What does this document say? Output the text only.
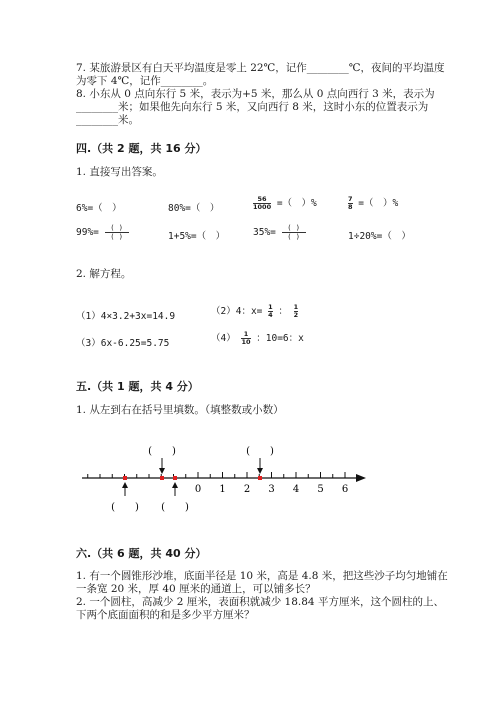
7. 某旅游景区有白天平均温度是零上 22℃，记作________℃，夜间的平均温度
为零下 4℃，记作________。
8. 小东从 0 点向东行 5 米，表示为+5 米，那么从 0 点向西行 3 米，表示为
________米；如果他先向东行 5 米，又向西行 8 米，这时小东的位置表示为
________米。
四.（共 2 题，共 16 分）
1. 直接写出答案。
6%=（　）	80%=（　）	$\frac{56}{1000}$ =（　）%	$\frac{7}{8}$ =（　）%
$99\%= \frac{( )}{( )}$	1+5%=（　）	$35\%= \frac{( )}{( )}$	1÷20%=（　）
2. 解方程。
（1）4×3.2+3x=14.9	（2）4：$x= \frac{1}{4}$ ： $\frac{1}{2}$
（3）6x-6.25=5.75	$(4) \frac{1}{10}$ ：10=6：x
五.（共 1 题，共 4 分）
1. 从左到右在括号里填数。（填整数或小数）
0 1 2 3 4 5 6
(　　)	(　　)
(　　) (　　)
六.（共 6 题，共 40 分）
1. 有一个圆锥形沙堆，底面半径是 10 米，高是 4.8 米，把这些沙子均匀地铺在
一条宽 20 米，厚 40 厘米的通道上，可以铺多长？
2. 一个圆柱，高减少 2 厘米，表面积就减少 18.84 平方厘米，这个圆柱的上、
下两个底面面积的和是多少平方厘米？
